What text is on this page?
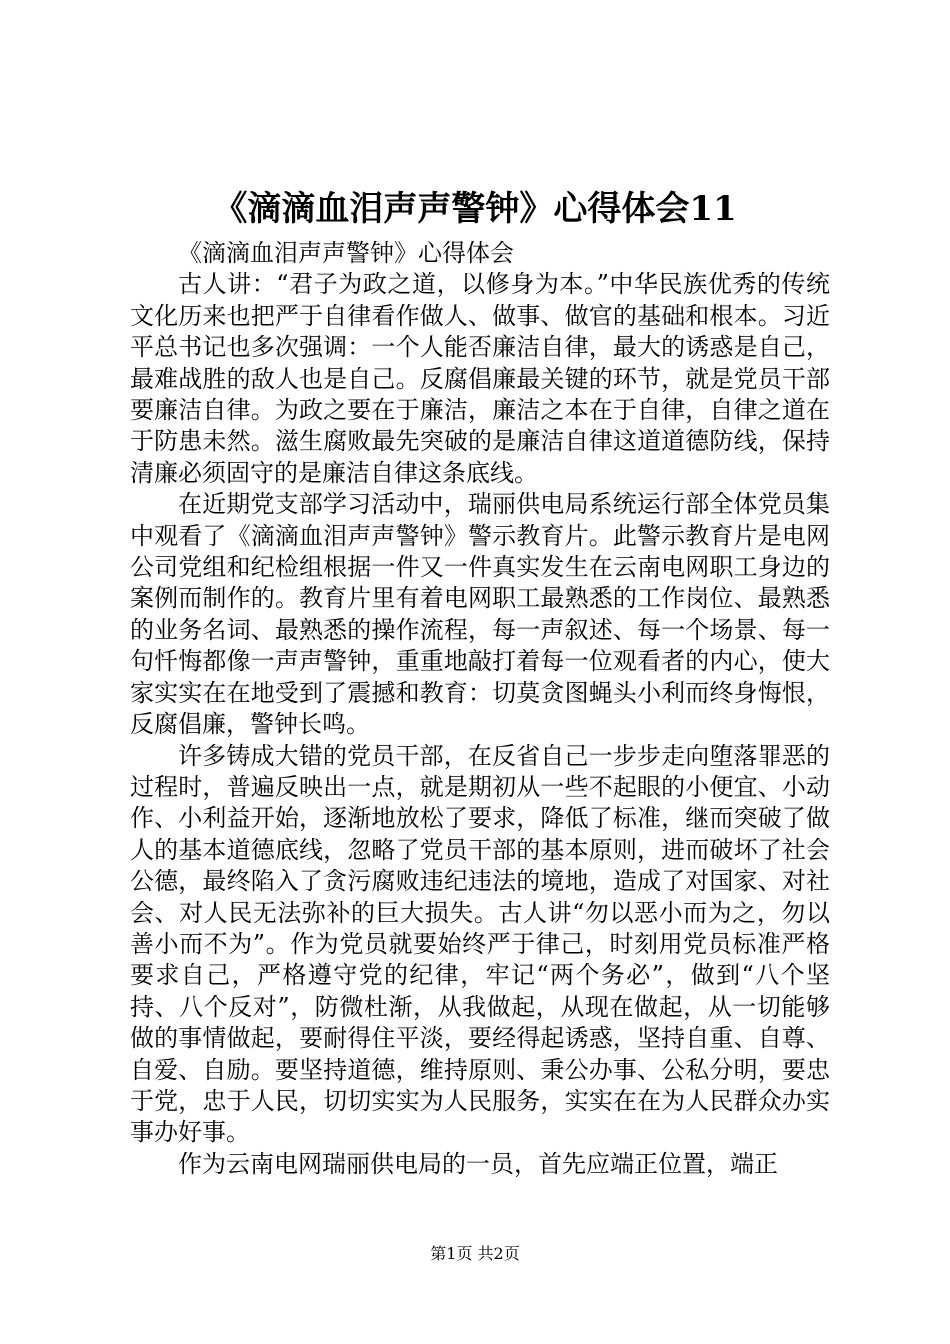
《滴滴血泪声声警钟》心得体会11

《滴滴血泪声声警钟》心得体会

古人讲：“君子为政之道，以修身为本。”中华民族优秀的传统文化历来也把严于自律看作做人、做事、做官的基础和根本。习近平总书记也多次强调：一个人能否廉洁自律，最大的诱惑是自己，最难战胜的敌人也是自己。反腐倡廉最关键的环节，就是党员干部要廉洁自律。为政之要在于廉洁，廉洁之本在于自律，自律之道在于防患未然。滋生腐败最先突破的是廉洁自律这道道德防线，保持清廉必须固守的是廉洁自律这条底线。

在近期党支部学习活动中，瑞丽供电局系统运行部全体党员集中观看了《滴滴血泪声声警钟》警示教育片。此警示教育片是电网公司党组和纪检组根据一件又一件真实发生在云南电网职工身边的案例而制作的。教育片里有着电网职工最熟悉的工作岗位、最熟悉的业务名词、最熟悉的操作流程，每一声叙述、每一个场景、每一句忏悔都像一声声警钟，重重地敲打着每一位观看者的内心，使大家实实在在地受到了震撼和教育：切莫贪图蝇头小利而终身悔恨，反腐倡廉，警钟长鸣。

许多铸成大错的党员干部，在反省自己一步步走向堕落罪恶的过程时，普遍反映出一点，就是期初从一些不起眼的小便宜、小动作、小利益开始，逐渐地放松了要求，降低了标准，继而突破了做人的基本道德底线，忽略了党员干部的基本原则，进而破坏了社会公德，最终陷入了贪污腐败违纪违法的境地，造成了对国家、对社会、对人民无法弥补的巨大损失。古人讲“勿以恶小而为之，勿以善小而不为”。作为党员就要始终严于律己，时刻用党员标准严格要求自己，严格遵守党的纪律，牢记“两个务必”，做到“八个坚持、八个反对”，防微杜渐，从我做起，从现在做起，从一切能够做的事情做起，要耐得住平淡，要经得起诱惑，坚持自重、自尊、自爱、自励。要坚持道德，维持原则、秉公办事、公私分明，要忠于党，忠于人民，切切实实为人民服务，实实在在为人民群众办实事办好事。

作为云南电网瑞丽供电局的一员，首先应端正位置，端正

第1页 共2页
